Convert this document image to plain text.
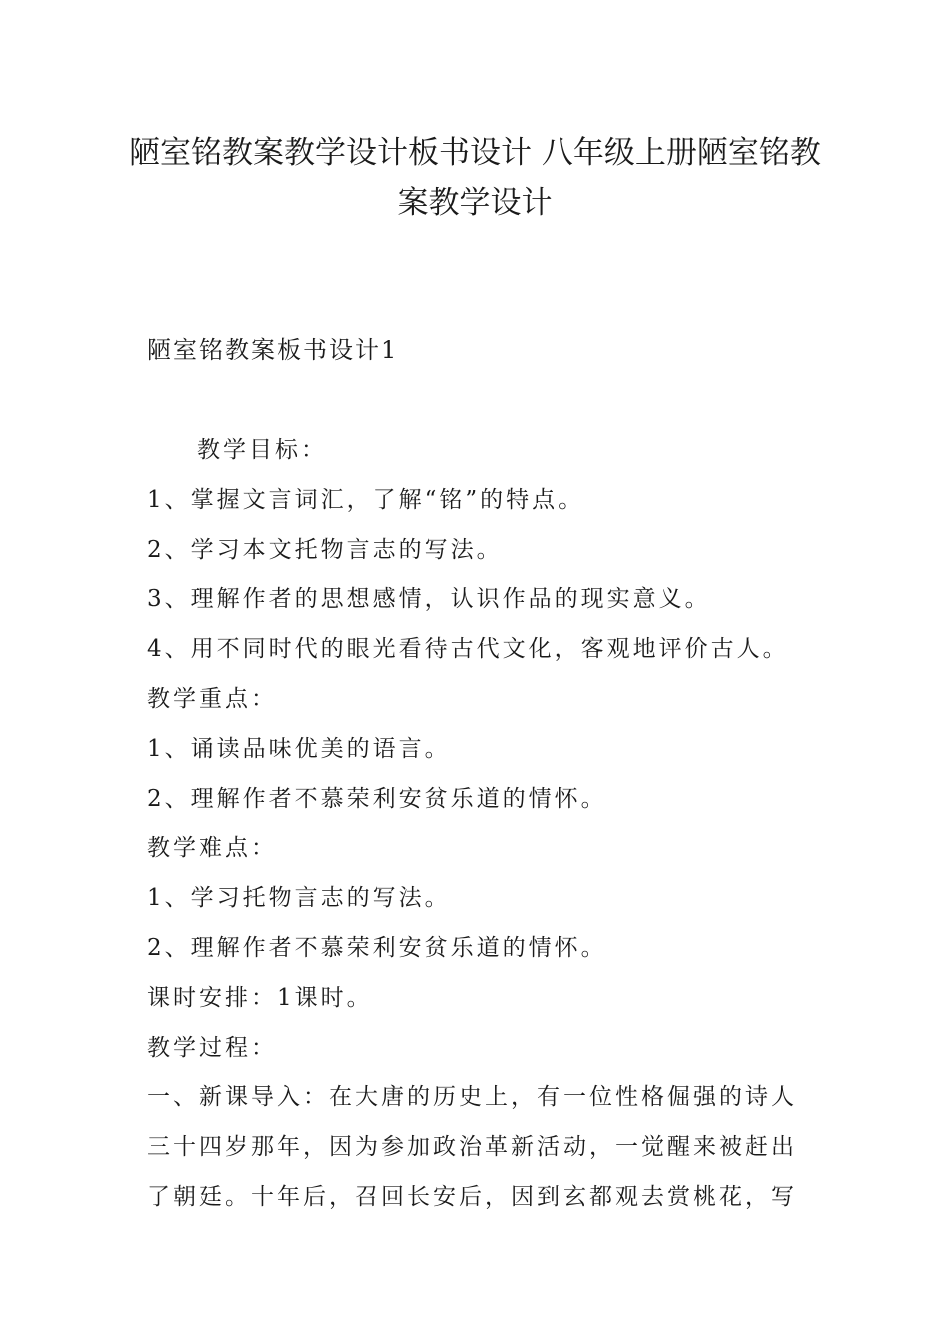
陋室铭教案教学设计板书设计 八年级上册陋室铭教
案教学设计

陋室铭教案板书设计1

教学目标：
1、掌握文言词汇，了解“铭”的特点。
2、学习本文托物言志的写法。
3、理解作者的思想感情，认识作品的现实意义。
4、用不同时代的眼光看待古代文化，客观地评价古人。
教学重点：
1、诵读品味优美的语言。
2、理解作者不慕荣利安贫乐道的情怀。
教学难点：
1、学习托物言志的写法。
2、理解作者不慕荣利安贫乐道的情怀。
课时安排：1课时。
教学过程：
一、新课导入：在大唐的历史上，有一位性格倔强的诗人
三十四岁那年，因为参加政治革新活动，一觉醒来被赶出
了朝廷。十年后，召回长安后，因到玄都观去赏桃花，写
